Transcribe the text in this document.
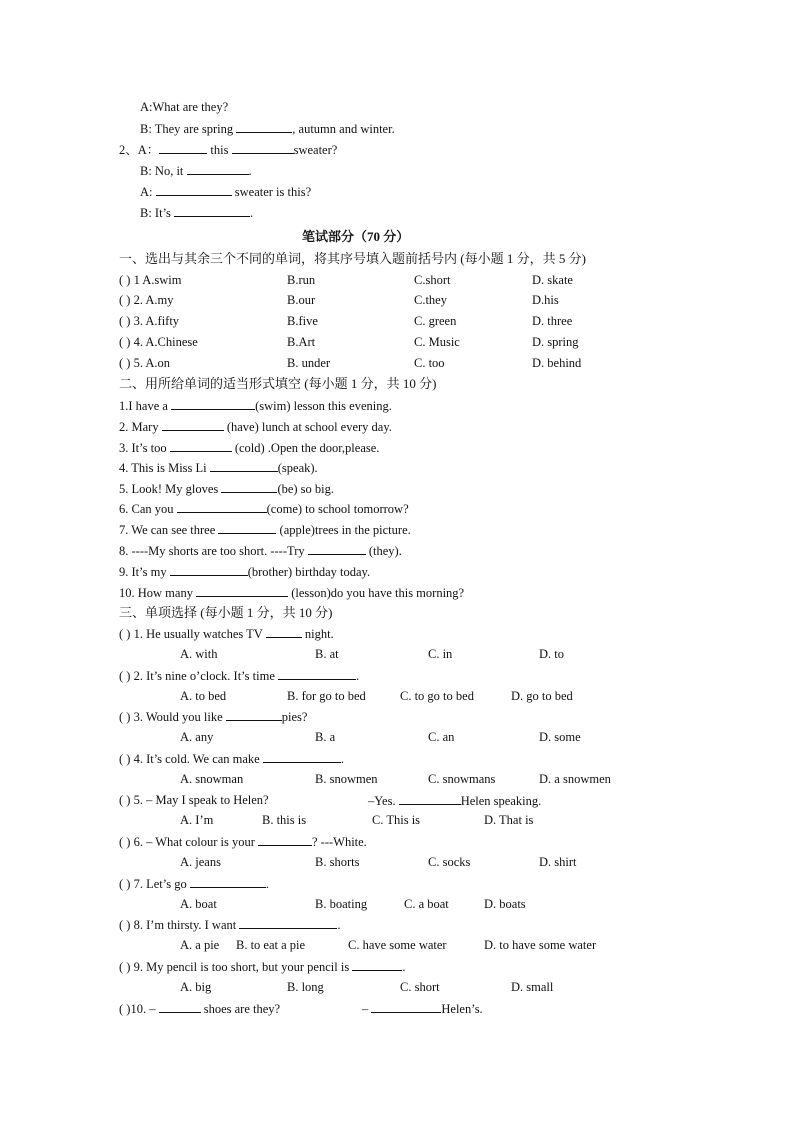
A:What are they?
B: They are spring	, autumn and winter.
2、A：	this	sweater?
B: No, it	.
A:	sweater is this?
B: It’s	.
笔试部分（70 分）
一、选出与其余三个不同的单词，将其序号填入题前括号内 (每小题 1 分，共 5 分)
( ) 1 A.swim	B.run	C.short	D. skate
( ) 2. A.my	B.our	C.they	D.his
( ) 3. A.fifty	B.five	C. green	D. three
( ) 4. A.Chinese	B.Art	C. Music	D. spring
( ) 5. A.on	B. under	C. too	D. behind
二、用所给单词的适当形式填空 (每小题 1 分，共 10 分)
1.I have a	(swim) lesson this evening.
2. Mary	(have) lunch at school every day.
3. It’s too	(cold) .Open the door,please.
4. This is Miss Li	(speak).
5. Look! My gloves	(be) so big.
6. Can you	(come) to school tomorrow?
7. We can see three	(apple)trees in the picture.
8. ----My shorts are too short. ----Try	(they).
9. It’s my	(brother) birthday today.
10. How many	(lesson)do you have this morning?
三、单项选择 (每小题 1 分，共 10 分)
( ) 1. He usually watches TV	night.
A. with	B. at	C. in	D. to
( ) 2. It’s nine o’clock. It’s time	.
A. to bed	B. for go to bed	C. to go to bed	D. go to bed
( ) 3. Would you like	pies?
A. any	B. a	C. an	D. some
( ) 4. It’s cold. We can make	.
A. snowman	B. snowmen	C. snowmans	D. a snowmen
( ) 5. – May I speak to Helen?	–Yes.	Helen speaking.
A. I’m	B. this is	C. This is	D. That is
( ) 6. – What colour is your	? ---White.
A. jeans	B. shorts	C. socks	D. shirt
( ) 7. Let’s go	.
A. boat	B. boating	C. a boat	D. boats
( ) 8. I’m thirsty. I want	.
A. a pie B. to eat a pie	C. have some water	D. to have some water
( ) 9. My pencil is too short, but your pencil is	.
A. big	B. long	C. short	D. small
( )10. –	shoes are they?	–	Helen’s.
